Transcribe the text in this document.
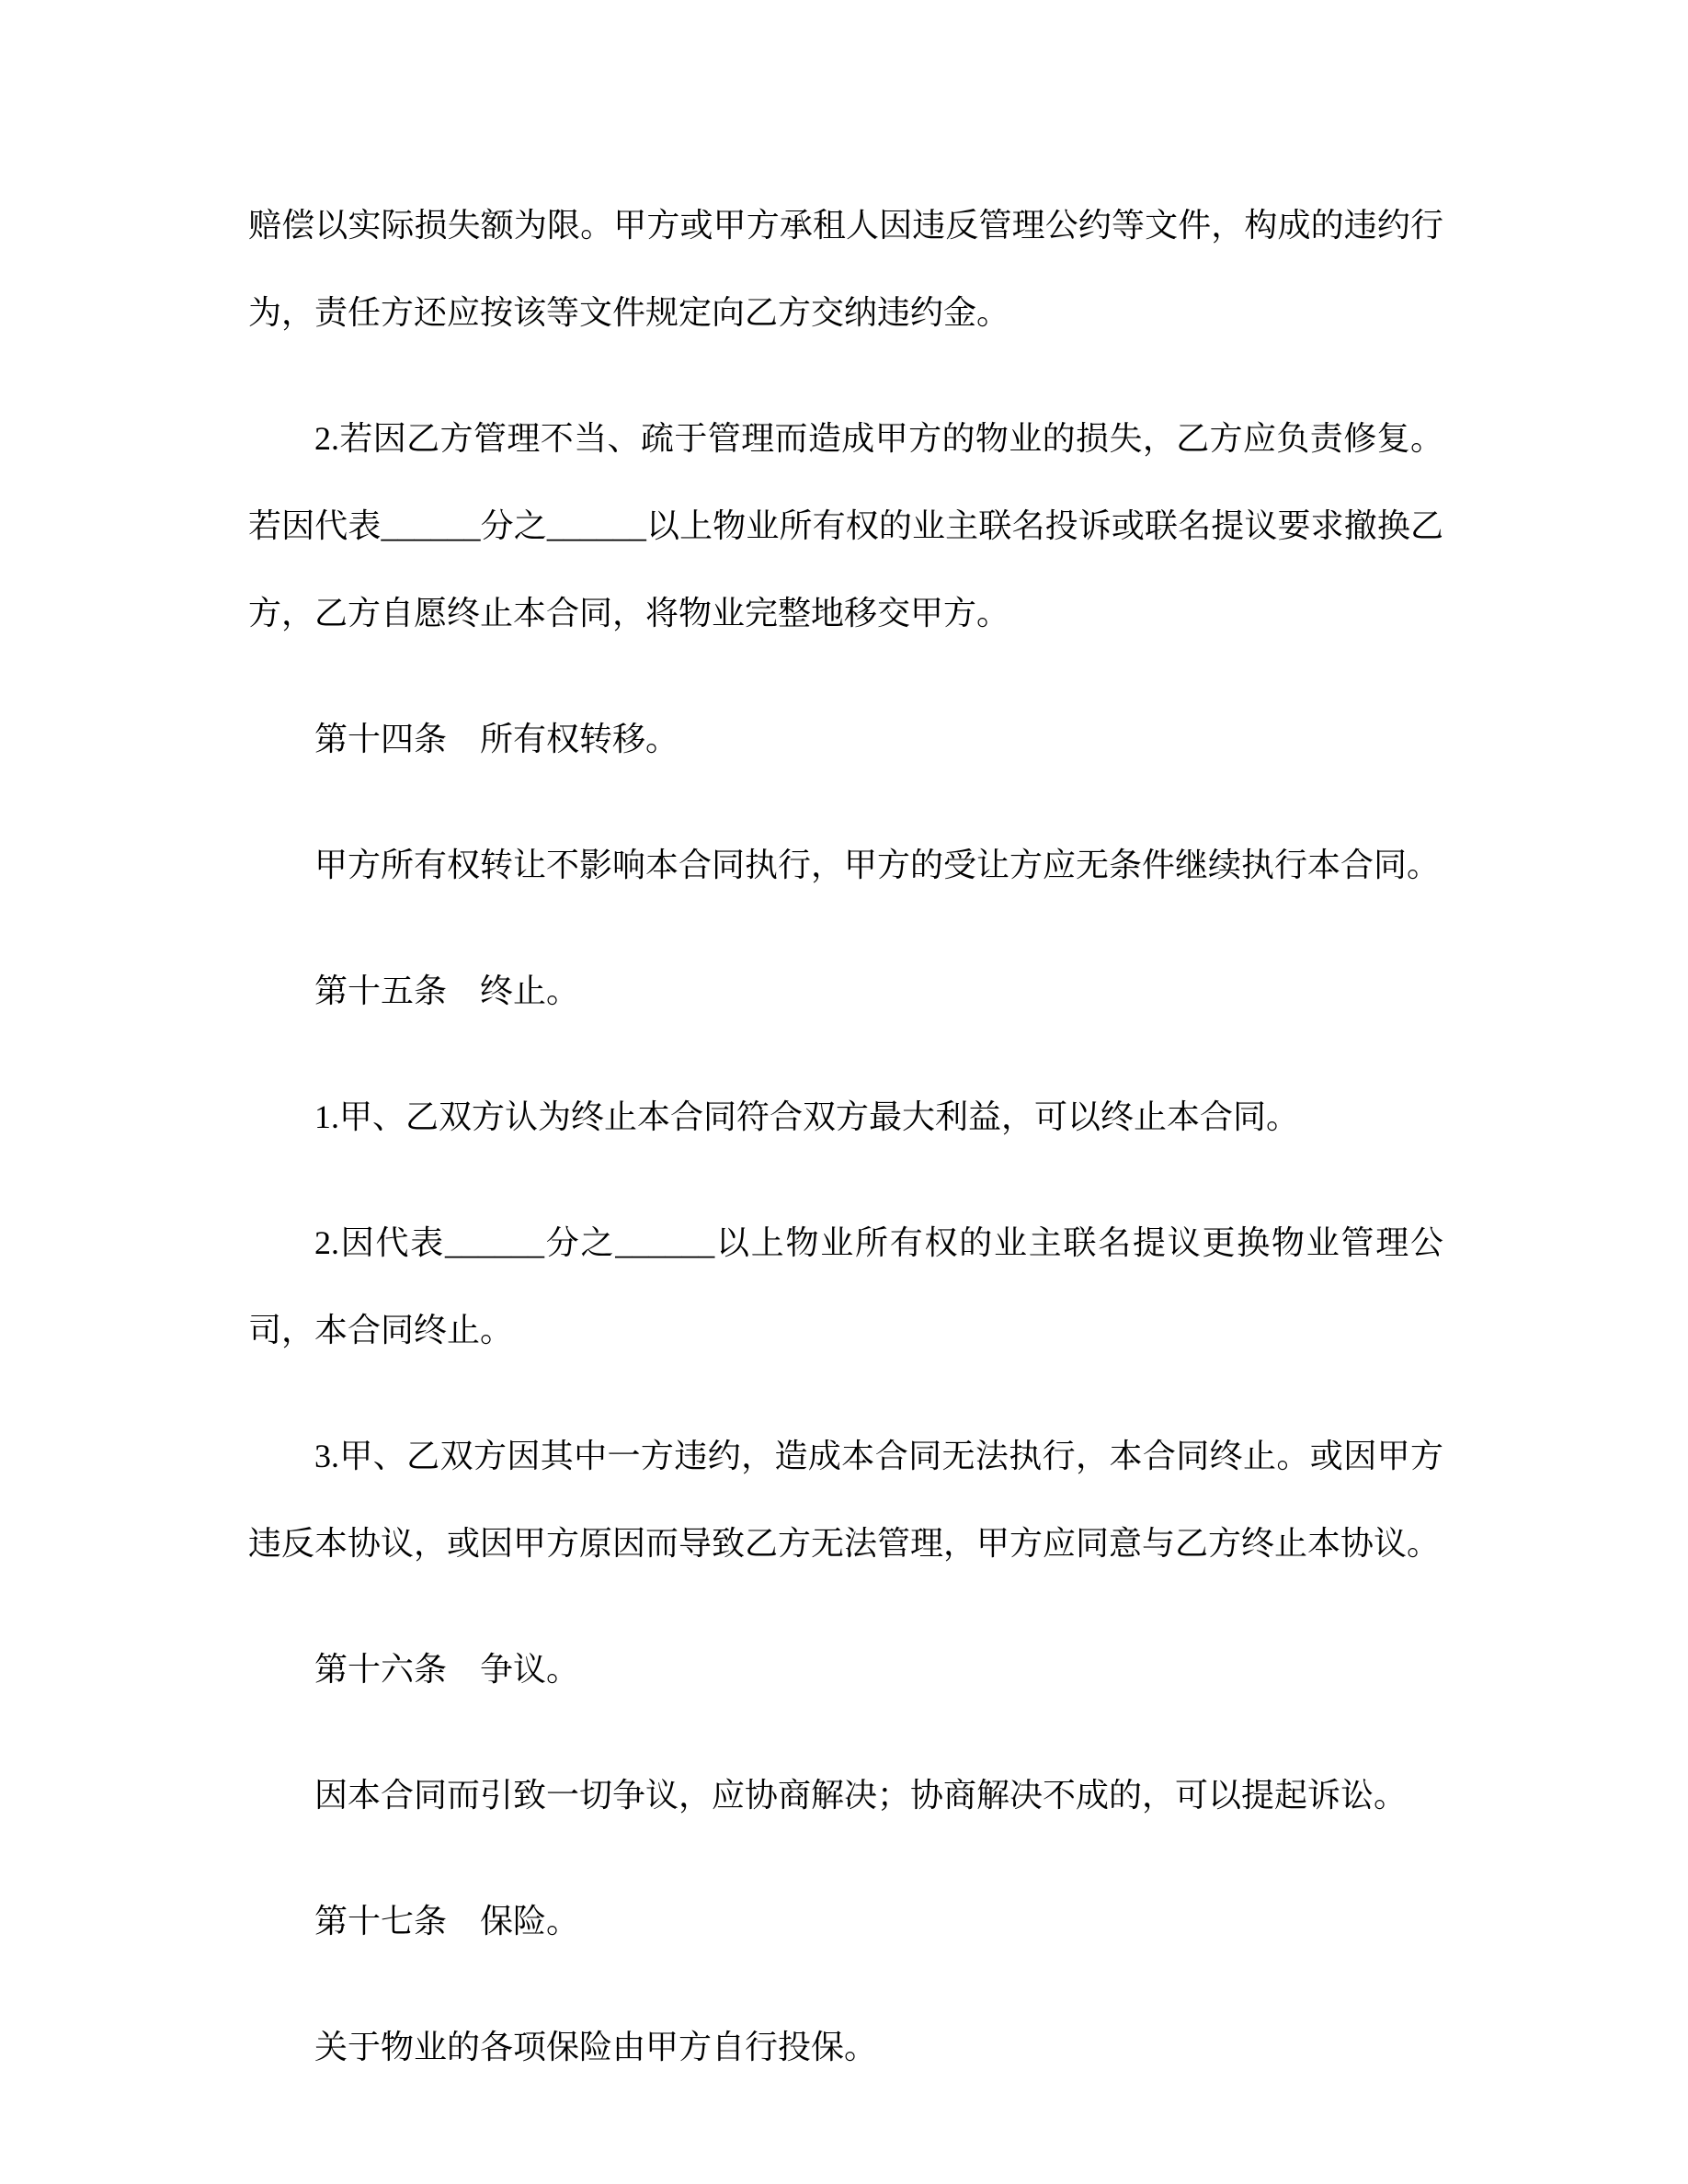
赔偿以实际损失额为限。甲方或甲方承租人因违反管理公约等文件，构成的违约行为，责任方还应按该等文件规定向乙方交纳违约金。

2.若因乙方管理不当、疏于管理而造成甲方的物业的损失，乙方应负责修复。若因代表______分之______以上物业所有权的业主联名投诉或联名提议要求撤换乙方，乙方自愿终止本合同，将物业完整地移交甲方。

第十四条　所有权转移。

甲方所有权转让不影响本合同执行，甲方的受让方应无条件继续执行本合同。

第十五条　终止。

1.甲、乙双方认为终止本合同符合双方最大利益，可以终止本合同。

2.因代表______分之______以上物业所有权的业主联名提议更换物业管理公司，本合同终止。

3.甲、乙双方因其中一方违约，造成本合同无法执行，本合同终止。或因甲方违反本协议，或因甲方原因而导致乙方无法管理，甲方应同意与乙方终止本协议。

第十六条　争议。

因本合同而引致一切争议，应协商解决；协商解决不成的，可以提起诉讼。

第十七条　保险。

关于物业的各项保险由甲方自行投保。
